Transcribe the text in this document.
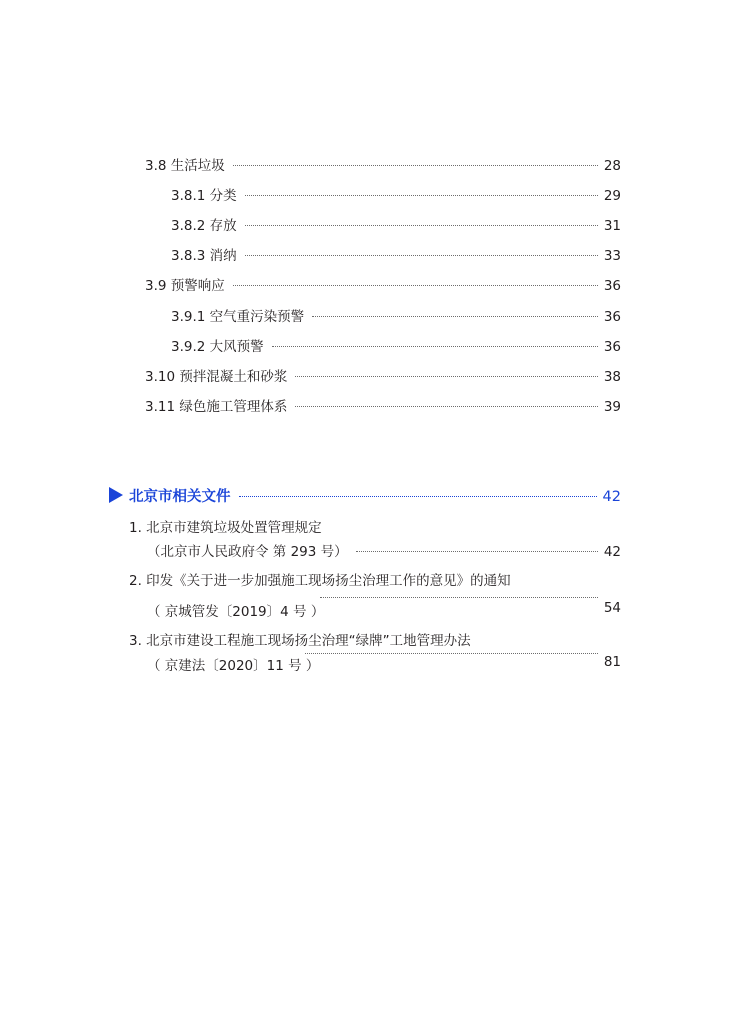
3.8 生活垃圾	28
3.8.1 分类	29
3.8.2 存放	31
3.8.3 消纳	33
3.9 预警响应	36
3.9.1 空气重污染预警	36
3.9.2 大风预警	36
3.10 预拌混凝土和砂浆	38
3.11 绿色施工管理体系	39
北京市相关文件	42
1. 北京市建筑垃圾处置管理规定
（北京市人民政府令 第 293 号）	42
2. 印发《关于进一步加强施工现场扬尘治理工作的意见》的通知
（ 京城管发〔2019〕4 号 ）	54
3. 北京市建设工程施工现场扬尘治理“绿牌”工地管理办法
（ 京建法〔2020〕11 号 ）	81
